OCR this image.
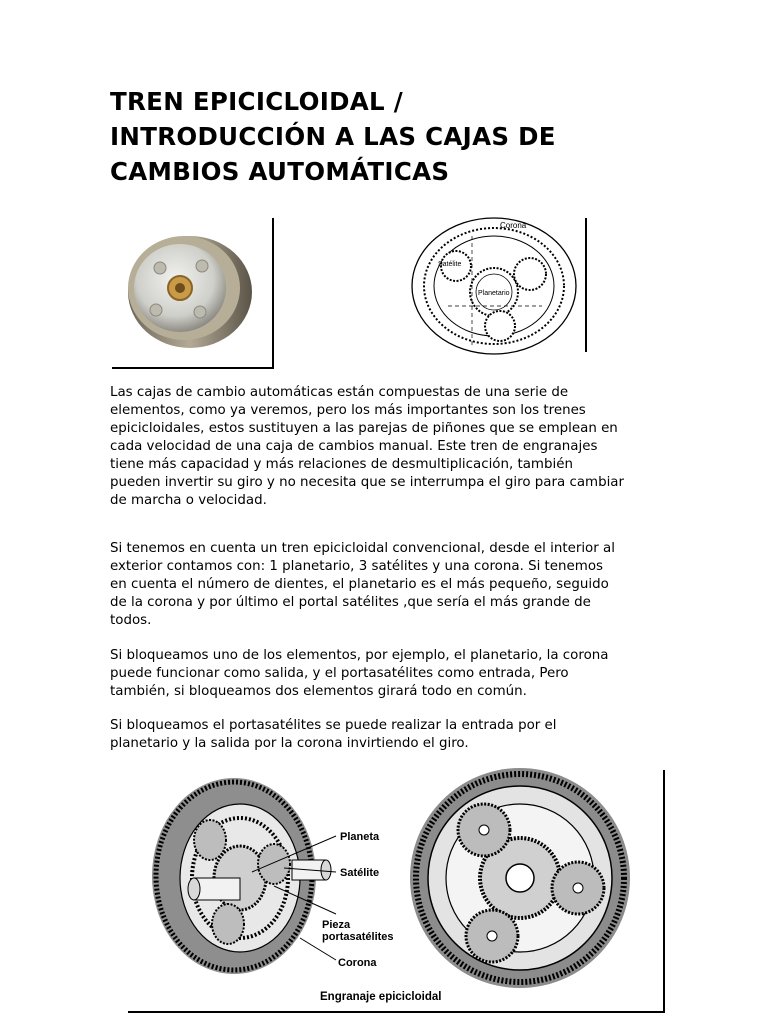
TREN EPICICLOIDAL /
INTRODUCCIÓN A LAS CAJAS DE
CAMBIOS AUTOMÁTICAS
Corona
Satélite
Planetario

Las cajas de cambio automáticas están compuestas de una serie de
elementos, como ya veremos, pero los más importantes son los trenes
epicicloidales, estos sustituyen a las parejas de piñones que se emplean en
cada velocidad de una caja de cambios manual. Este tren de engranajes
tiene más capacidad y más relaciones de desmultiplicación, también
pueden invertir su giro y no necesita que se interrumpa el giro para cambiar
de marcha o velocidad.

Si tenemos en cuenta un tren epicicloidal convencional, desde el interior al
exterior contamos con: 1 planetario, 3 satélites y una corona. Si tenemos
en cuenta el número de dientes, el planetario es el más pequeño, seguido
de la corona y por último el portal satélites ,que sería el más grande de
todos.

Si bloqueamos uno de los elementos, por ejemplo, el planetario, la corona
puede funcionar como salida, y el portasatélites como entrada, Pero
también, si bloqueamos dos elementos girará todo en común.

Si bloqueamos el portasatélites se puede realizar la entrada por el
planetario y la salida por la corona invirtiendo el giro.

Planeta
Satélite
Pieza
portasatélites
Corona
Engranaje epicicloidal
